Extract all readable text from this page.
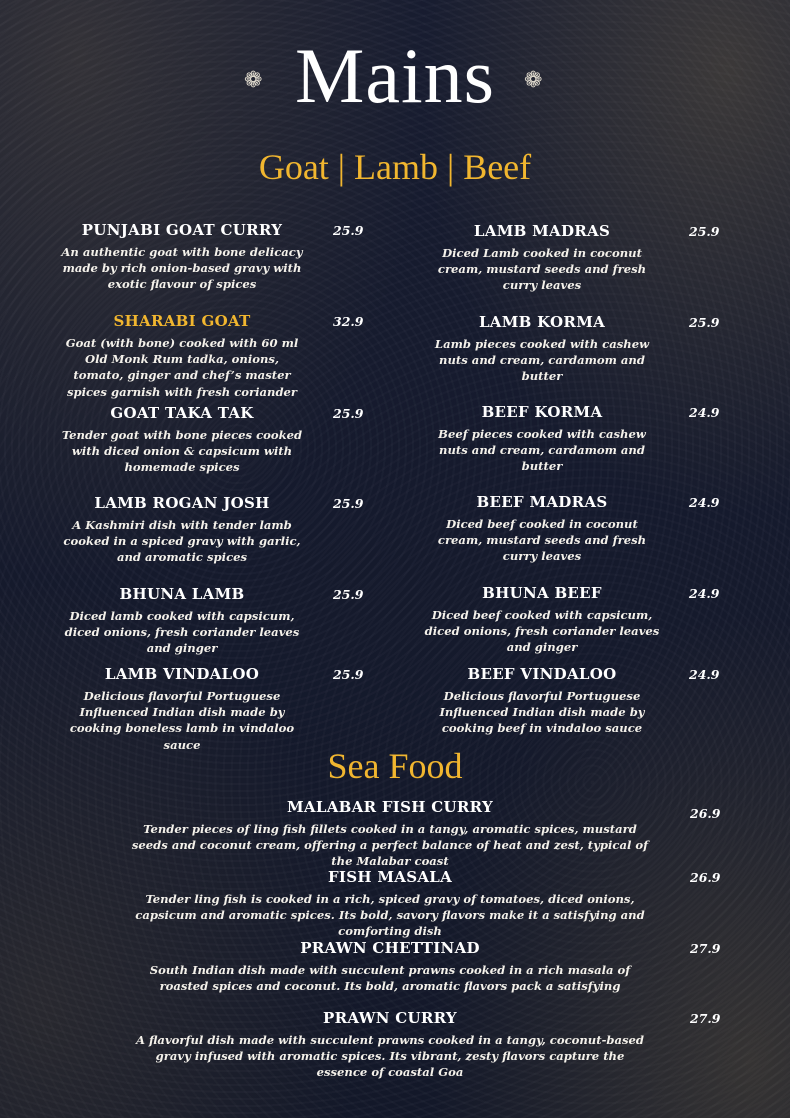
Mains
❁	❁
Goat | Lamb | Beef
PUNJABI GOAT CURRY
An authentic goat with bone delicacy made by rich onion-based gravy with exotic flavour of spices
25.9
SHARABI GOAT
Goat (with bone) cooked with 60 ml Old Monk Rum tadka, onions, tomato, ginger and chef’s master spices garnish with fresh coriander
32.9
GOAT TAKA TAK
Tender goat with bone pieces cooked with diced onion & capsicum with homemade spices
25.9
LAMB ROGAN JOSH
A Kashmiri dish with tender lamb cooked in a spiced gravy with garlic, and aromatic spices
25.9
BHUNA LAMB
Diced lamb cooked with capsicum, diced onions, fresh coriander leaves and ginger
25.9
LAMB VINDALOO
Delicious flavorful Portuguese Influenced Indian dish made by cooking boneless lamb in vindaloo sauce
25.9
LAMB MADRAS
Diced Lamb cooked in coconut cream, mustard seeds and fresh curry leaves
25.9
LAMB KORMA
Lamb pieces cooked with cashew nuts and cream, cardamom and butter
25.9
BEEF KORMA
Beef pieces cooked with cashew nuts and cream, cardamom and butter
24.9
BEEF MADRAS
Diced beef cooked in coconut cream, mustard seeds and fresh curry leaves
24.9
BHUNA BEEF
Diced beef cooked with capsicum, diced onions, fresh coriander leaves and ginger
24.9
BEEF VINDALOO
Delicious flavorful Portuguese Influenced Indian dish made by cooking beef in vindaloo sauce
24.9
Sea Food
MALABAR FISH CURRY
Tender pieces of ling fish fillets cooked in a tangy, aromatic spices, mustard seeds and coconut cream, offering a perfect balance of heat and zest, typical of the Malabar coast
26.9
FISH MASALA
Tender ling fish is cooked in a rich, spiced gravy of tomatoes, diced onions, capsicum and aromatic spices. Its bold, savory flavors make it a satisfying and comforting dish
26.9
PRAWN CHETTINAD
South Indian dish made with succulent prawns cooked in a rich masala of roasted spices and coconut. Its bold, aromatic flavors pack a satisfying
27.9
PRAWN CURRY
A flavorful dish made with succulent prawns cooked in a tangy, coconut-based gravy infused with aromatic spices. Its vibrant, zesty flavors capture the essence of coastal Goa
27.9
